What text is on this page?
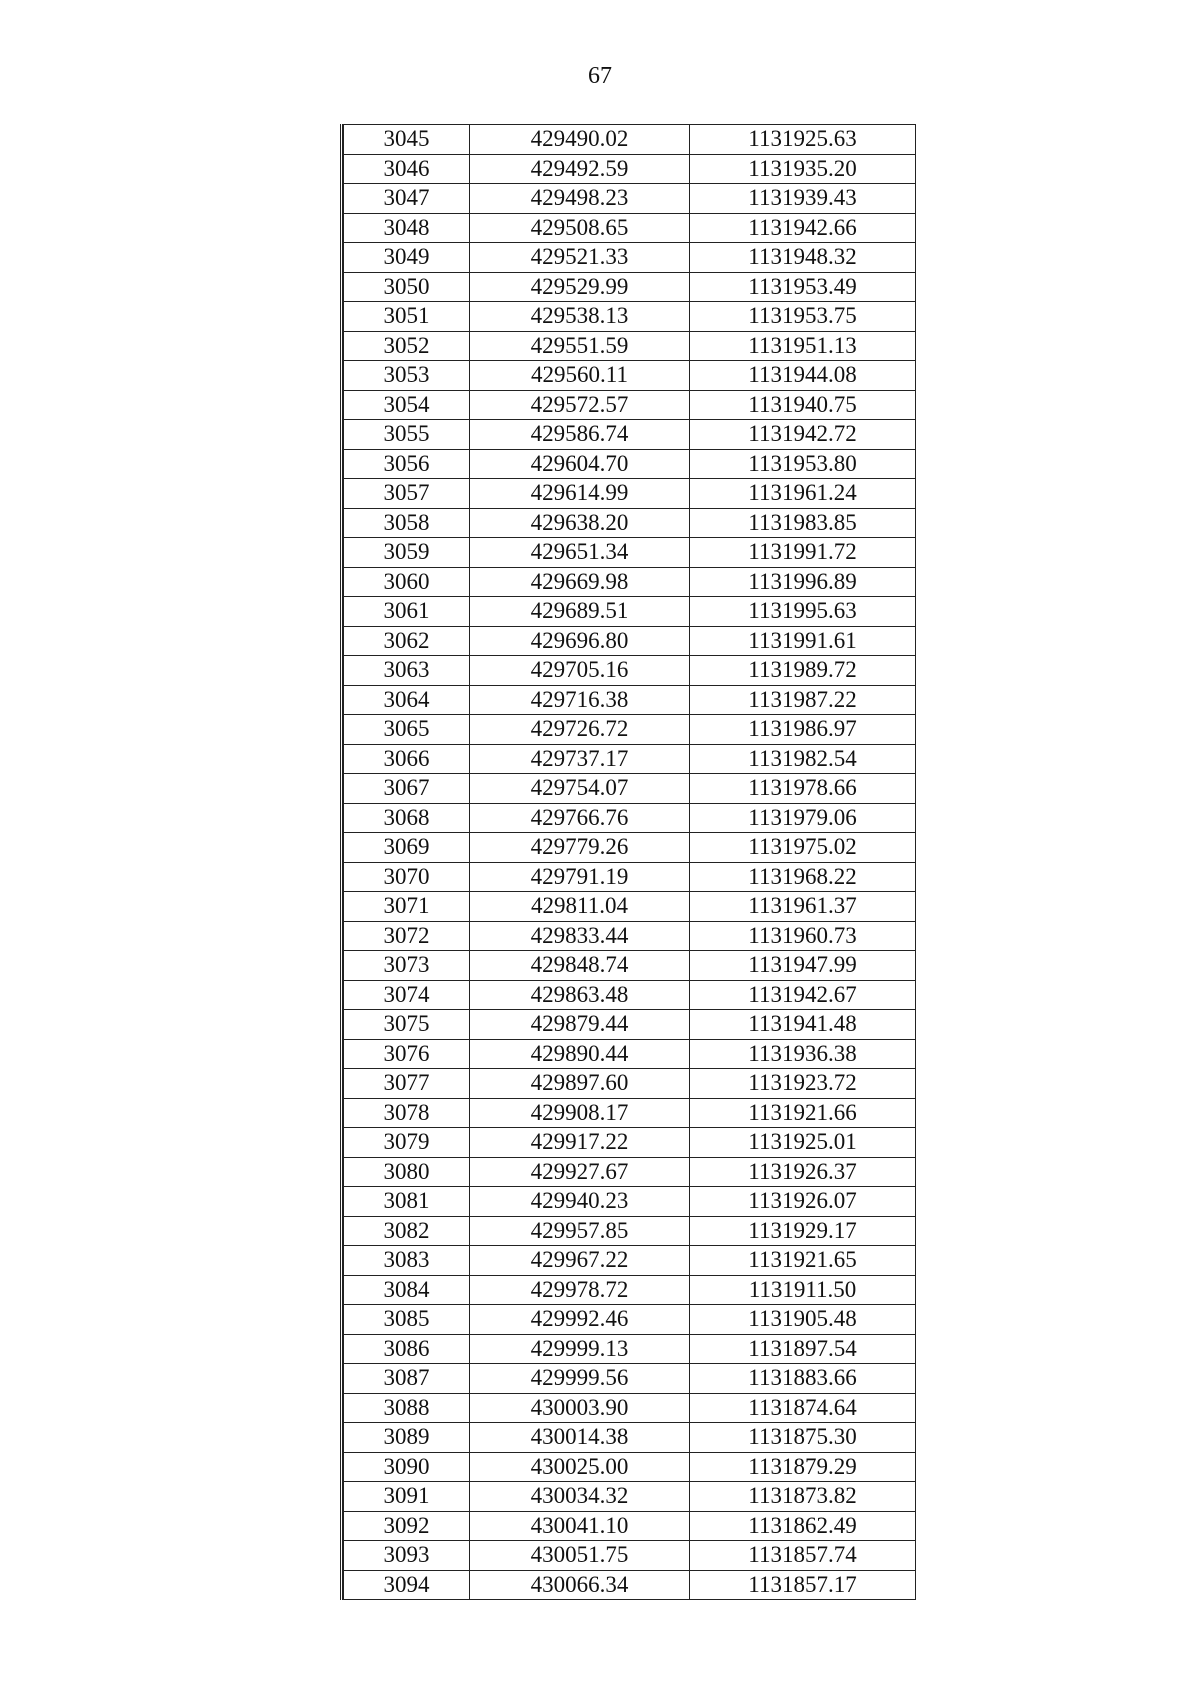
67
3045	429490.02	1131925.63
3046	429492.59	1131935.20
3047	429498.23	1131939.43
3048	429508.65	1131942.66
3049	429521.33	1131948.32
3050	429529.99	1131953.49
3051	429538.13	1131953.75
3052	429551.59	1131951.13
3053	429560.11	1131944.08
3054	429572.57	1131940.75
3055	429586.74	1131942.72
3056	429604.70	1131953.80
3057	429614.99	1131961.24
3058	429638.20	1131983.85
3059	429651.34	1131991.72
3060	429669.98	1131996.89
3061	429689.51	1131995.63
3062	429696.80	1131991.61
3063	429705.16	1131989.72
3064	429716.38	1131987.22
3065	429726.72	1131986.97
3066	429737.17	1131982.54
3067	429754.07	1131978.66
3068	429766.76	1131979.06
3069	429779.26	1131975.02
3070	429791.19	1131968.22
3071	429811.04	1131961.37
3072	429833.44	1131960.73
3073	429848.74	1131947.99
3074	429863.48	1131942.67
3075	429879.44	1131941.48
3076	429890.44	1131936.38
3077	429897.60	1131923.72
3078	429908.17	1131921.66
3079	429917.22	1131925.01
3080	429927.67	1131926.37
3081	429940.23	1131926.07
3082	429957.85	1131929.17
3083	429967.22	1131921.65
3084	429978.72	1131911.50
3085	429992.46	1131905.48
3086	429999.13	1131897.54
3087	429999.56	1131883.66
3088	430003.90	1131874.64
3089	430014.38	1131875.30
3090	430025.00	1131879.29
3091	430034.32	1131873.82
3092	430041.10	1131862.49
3093	430051.75	1131857.74
3094	430066.34	1131857.17
